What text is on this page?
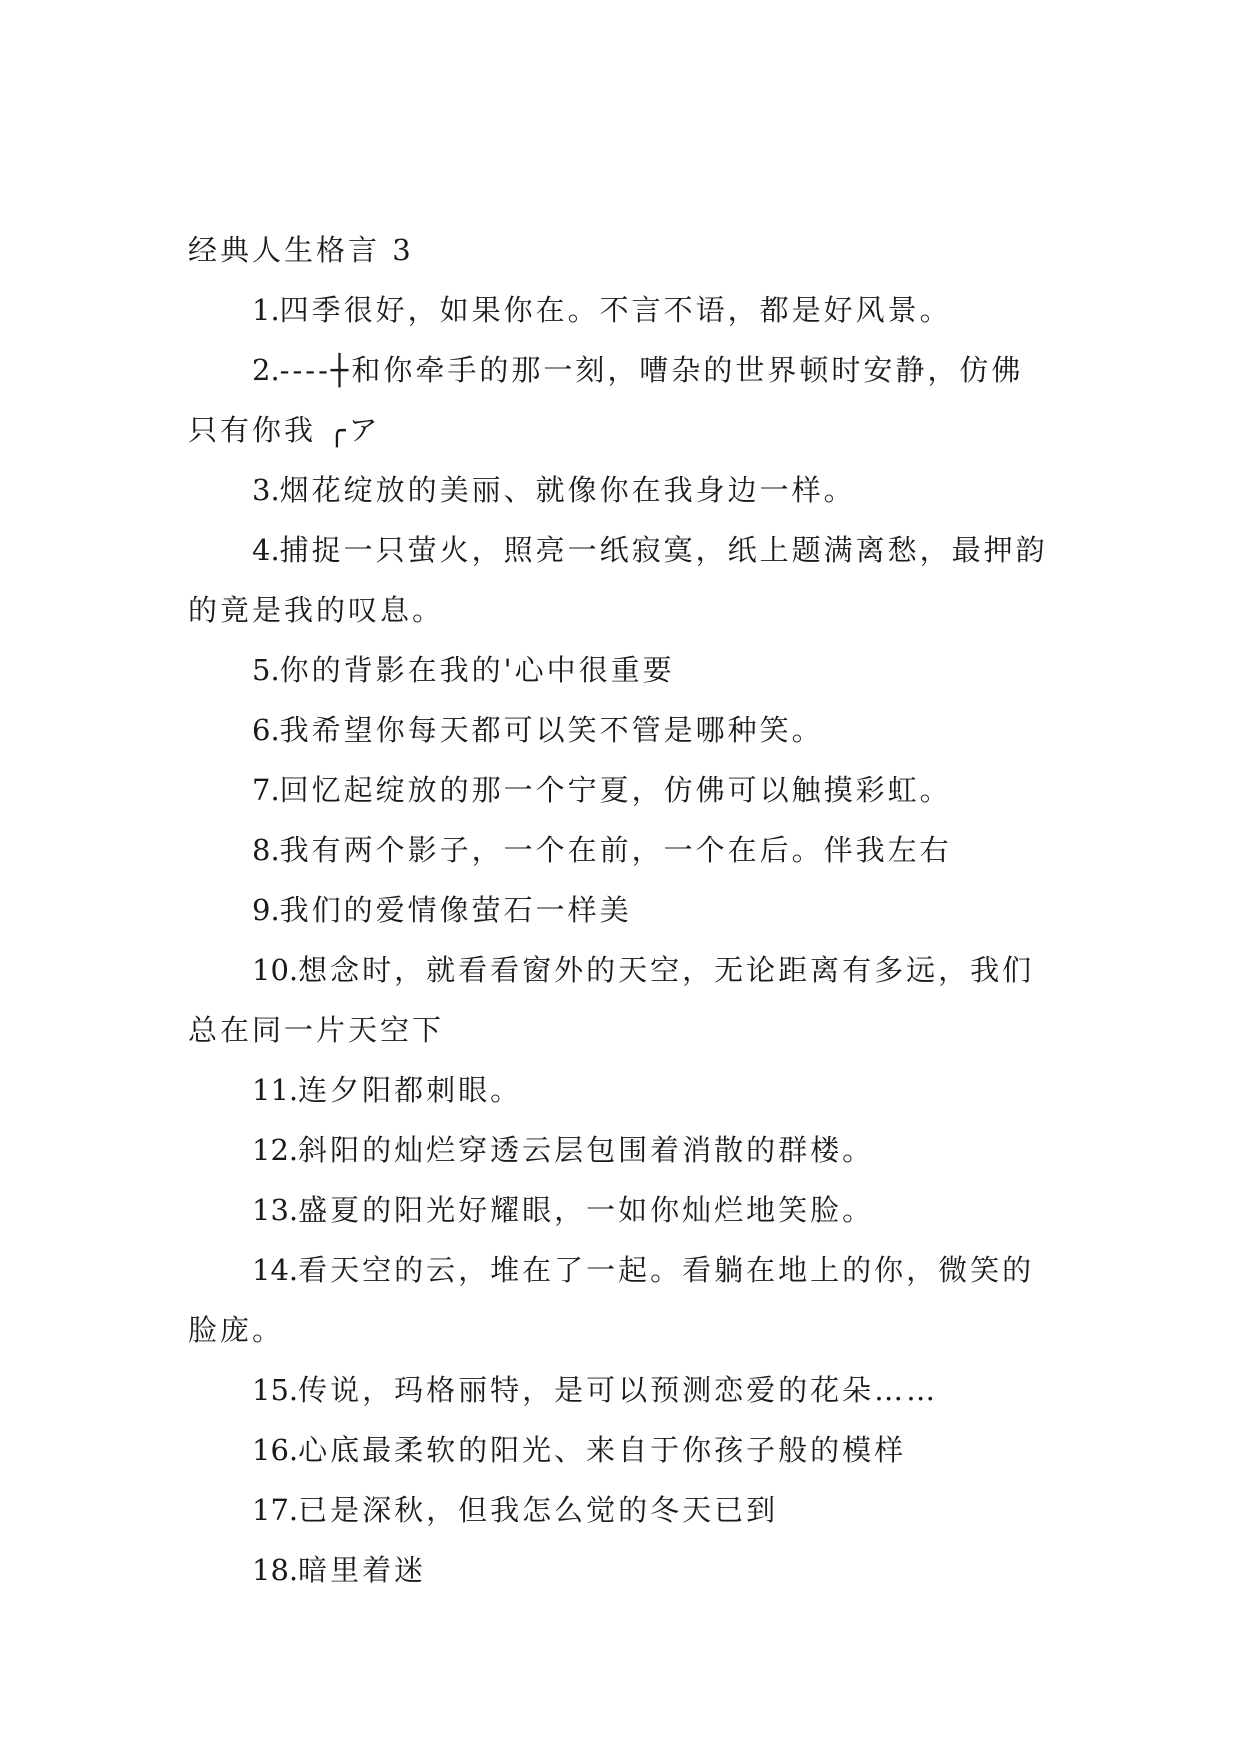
经典人生格言 3
1.四季很好，如果你在。不言不语，都是好风景。
2.----┼和你牵手的那一刻，嘈杂的世界顿时安静，仿佛只有你我 ╭ア
3.烟花绽放的美丽、就像你在我身边一样。
4.捕捉一只萤火，照亮一纸寂寞，纸上题满离愁，最押韵的竟是我的叹息。
5.你的背影在我的'心中很重要
6.我希望你每天都可以笑不管是哪种笑。
7.回忆起绽放的那一个宁夏，仿佛可以触摸彩虹。
8.我有两个影子，一个在前，一个在后。伴我左右
9.我们的爱情像萤石一样美
10.想念时，就看看窗外的天空，无论距离有多远，我们总在同一片天空下
11.连夕阳都刺眼。
12.斜阳的灿烂穿透云层包围着消散的群楼。
13.盛夏的阳光好耀眼，一如你灿烂地笑脸。
14.看天空的云，堆在了一起。看躺在地上的你，微笑的脸庞。
15.传说，玛格丽特，是可以预测恋爱的花朵……
16.心底最柔软的阳光、来自于你孩子般的模样
17.已是深秋，但我怎么觉的冬天已到
18.暗里着迷
